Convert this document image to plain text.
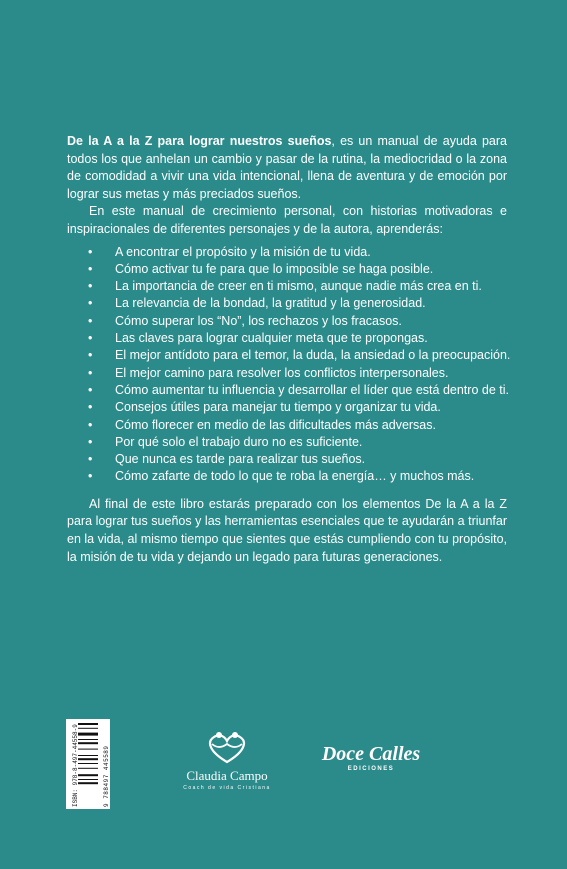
De la A a la Z para lograr nuestros sueños, es un manual de ayuda para todos los que anhelan un cambio y pasar de la rutina, la mediocridad o la zona de comodidad a vivir una vida intencional, llena de aventura y de emoción por lograr sus metas y más preciados sueños.

En este manual de crecimiento personal, con historias motivadoras e inspiracionales de diferentes personajes y de la autora, aprenderás:

• A encontrar el propósito y la misión de tu vida.
• Cómo activar tu fe para que lo imposible se haga posible.
• La importancia de creer en ti mismo, aunque nadie más crea en ti.
• La relevancia de la bondad, la gratitud y la generosidad.
• Cómo superar los “No”, los rechazos y los fracasos.
• Las claves para lograr cualquier meta que te propongas.
• El mejor antídoto para el temor, la duda, la ansiedad o la preocupación.
• El mejor camino para resolver los conflictos interpersonales.
• Cómo aumentar tu influencia y desarrollar el líder que está dentro de ti.
• Consejos útiles para manejar tu tiempo y organizar tu vida.
• Cómo florecer en medio de las dificultades más adversas.
• Por qué solo el trabajo duro no es suficiente.
• Que nunca es tarde para realizar tus sueños.
• Cómo zafarte de todo lo que te roba la energía… y muchos más.

Al final de este libro estarás preparado con los elementos De la A a la Z para lograr tus sueños y las herramientas esenciales que te ayudarán a triunfar en la vida, al mismo tiempo que sientes que estás cumpliendo con tu propósito, la misión de tu vida y dejando un legado para futuras generaciones.

ISBN: 978-8-497-44558-9	9 788497 445589	Claudia Campo
Coach de vida Cristiana
Doce Calles
EDICIONES
